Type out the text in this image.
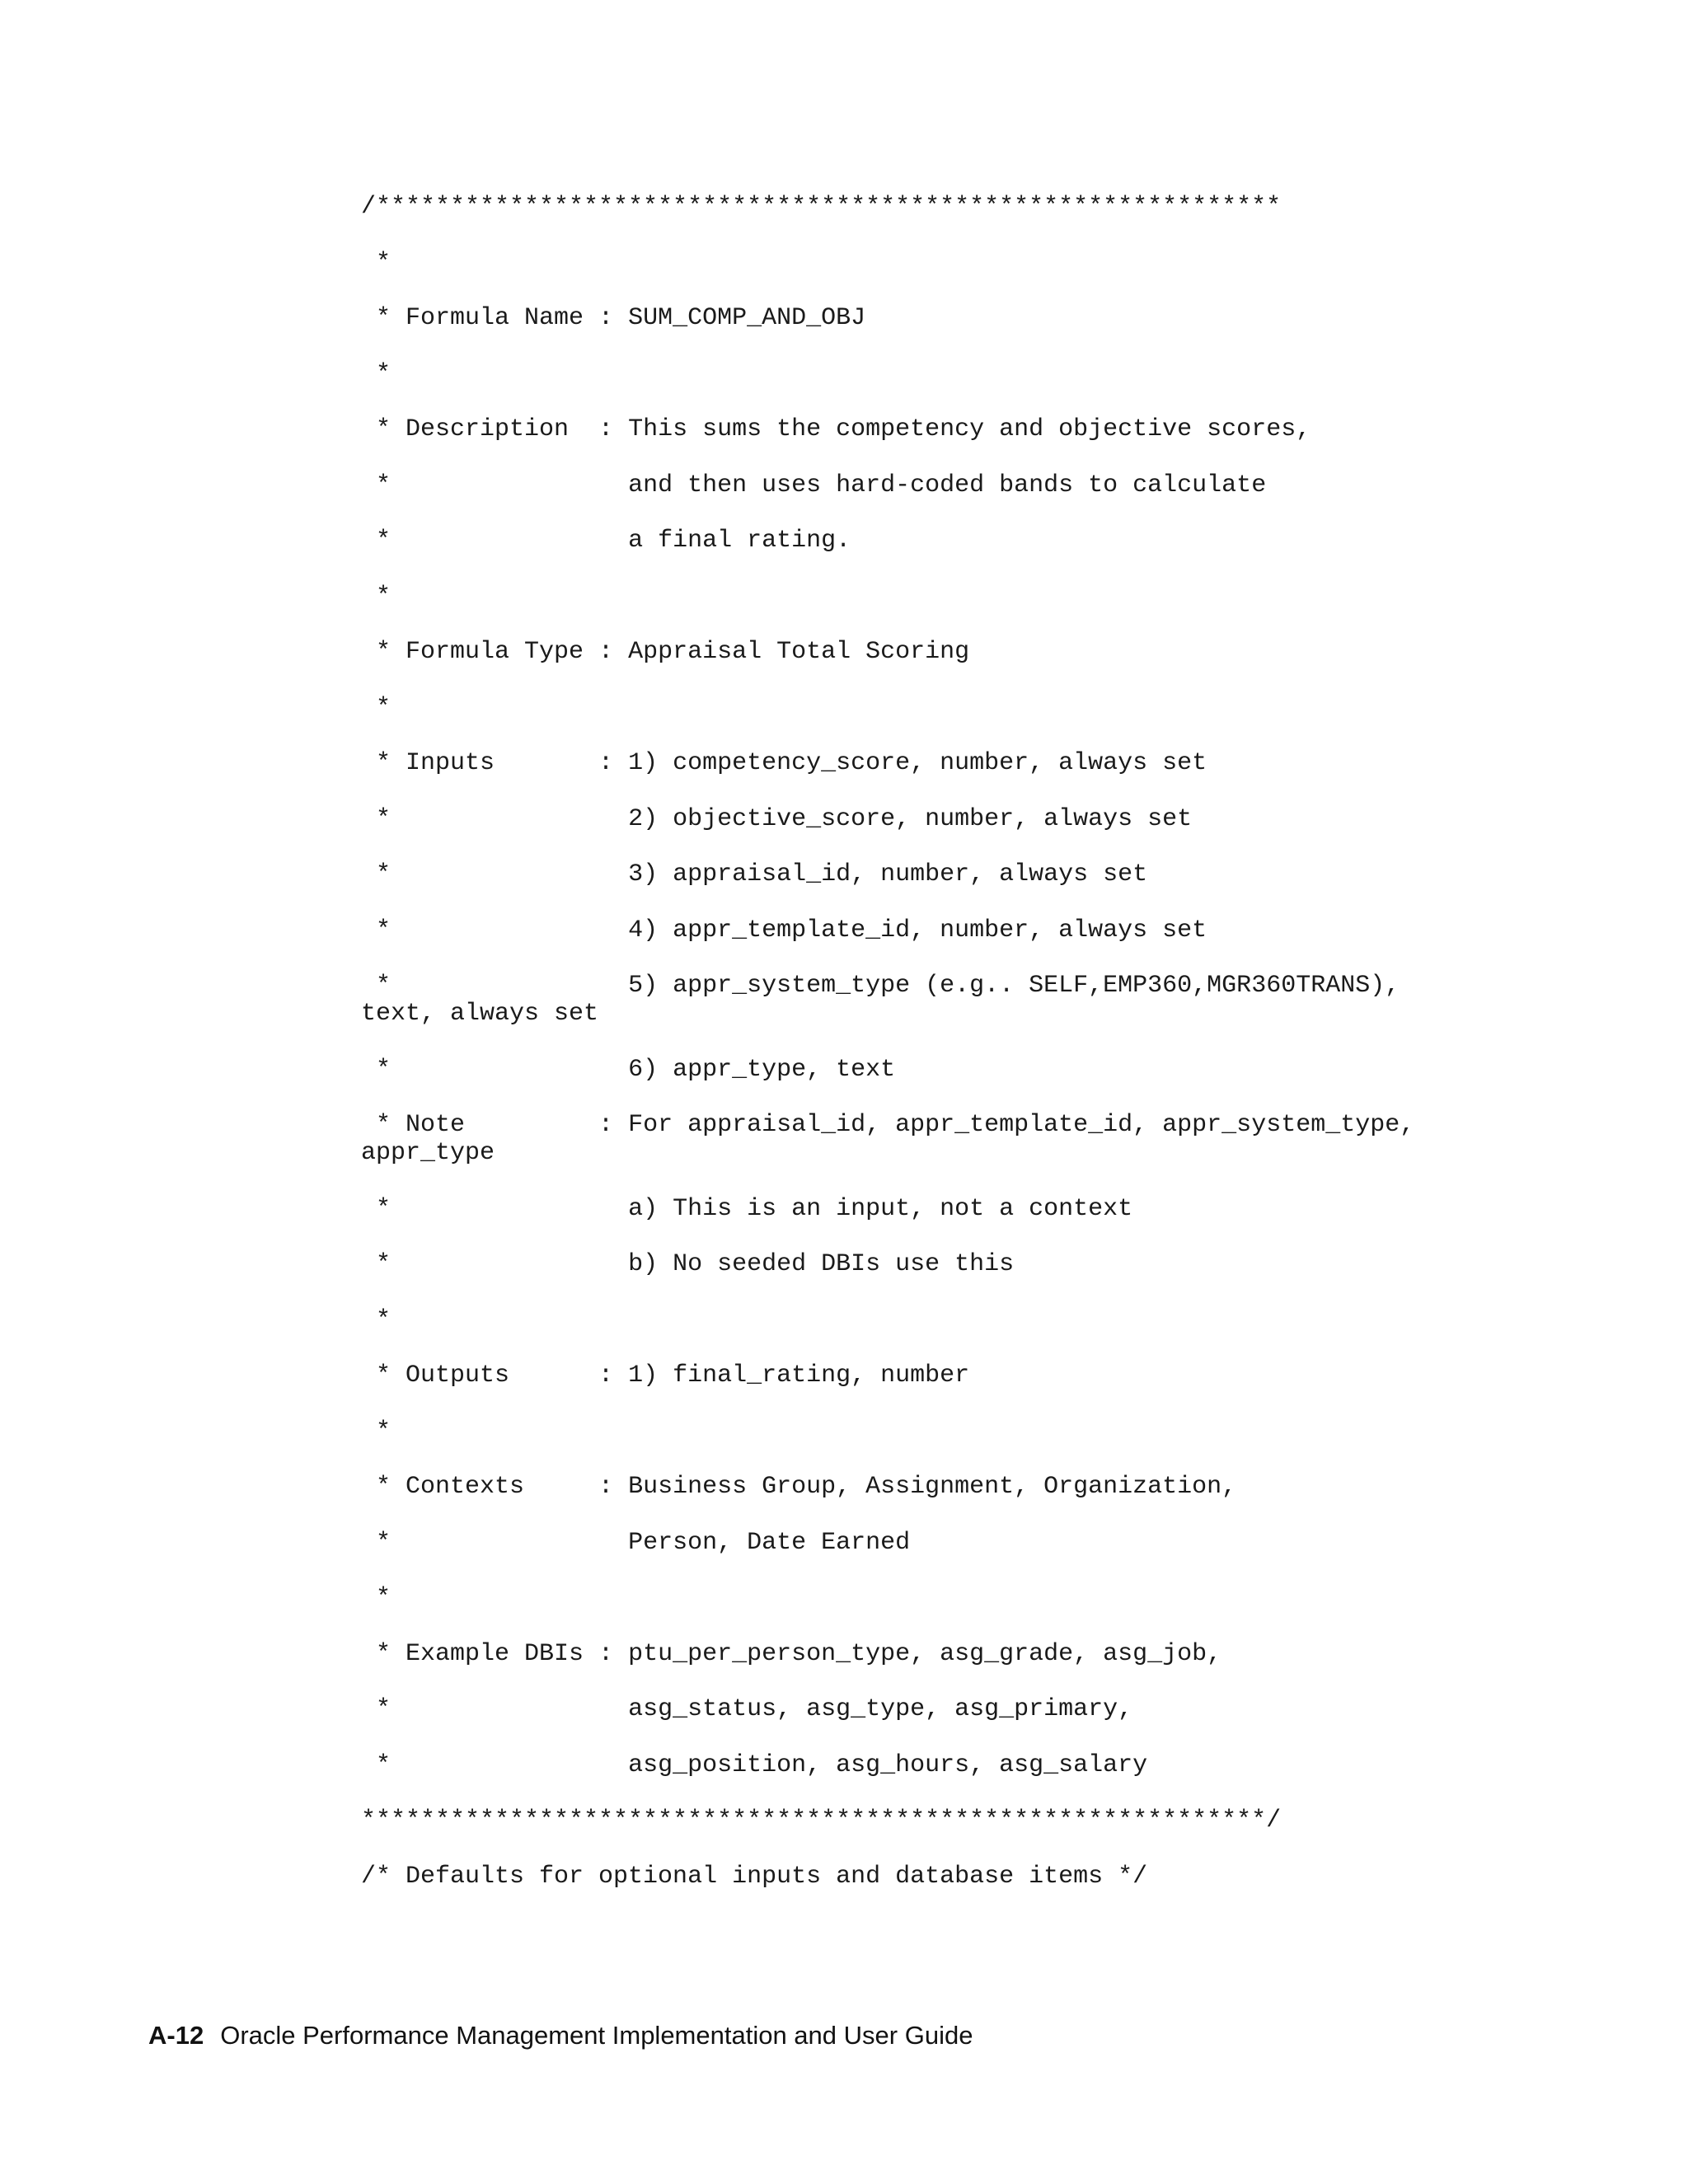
/*************************************************************
*
* Formula Name : SUM_COMP_AND_OBJ
*
* Description  : This sums the competency and objective scores,
*                and then uses hard-coded bands to calculate
*                a final rating.
*
* Formula Type : Appraisal Total Scoring
*
* Inputs       : 1) competency_score, number, always set
*                2) objective_score, number, always set
*                3) appraisal_id, number, always set
*                4) appr_template_id, number, always set
*                5) appr_system_type (e.g.. SELF,EMP360,MGR360TRANS),
text, always set
*                6) appr_type, text
* Note         : For appraisal_id, appr_template_id, appr_system_type,
appr_type
*                a) This is an input, not a context
*                b) No seeded DBIs use this
*
* Outputs      : 1) final_rating, number
*
* Contexts     : Business Group, Assignment, Organization,
*                Person, Date Earned
*
* Example DBIs : ptu_per_person_type, asg_grade, asg_job,
*                asg_status, asg_type, asg_primary,
*                asg_position, asg_hours, asg_salary
*************************************************************/
/* Defaults for optional inputs and database items */
A-12 Oracle Performance Management Implementation and User Guide
